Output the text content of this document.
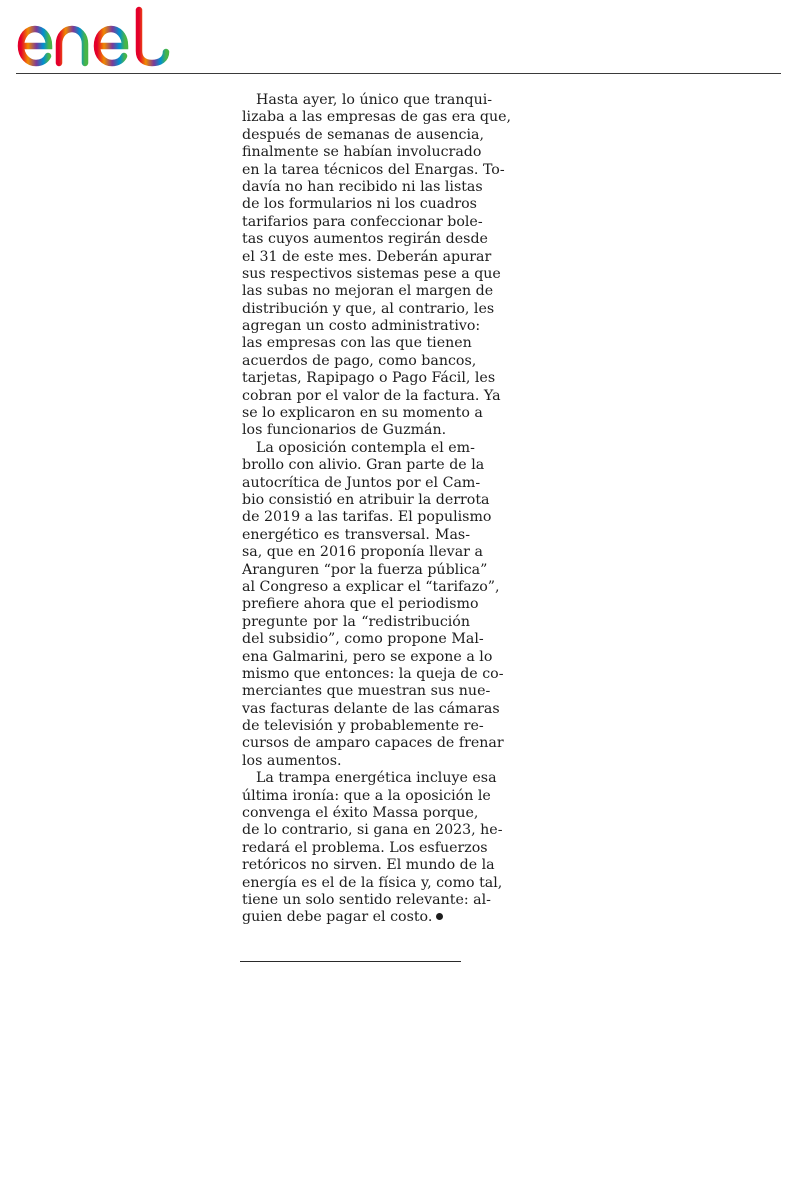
Hasta ayer, lo único que tranqui-
lizaba a las empresas de gas era que,
después de semanas de ausencia,
finalmente se habían involucrado
en la tarea técnicos del Enargas. To-
davía no han recibido ni las listas
de los formularios ni los cuadros
tarifarios para confeccionar bole-
tas cuyos aumentos regirán desde
el 31 de este mes. Deberán apurar
sus respectivos sistemas pese a que
las subas no mejoran el margen de
distribución y que, al contrario, les
agregan un costo administrativo:
las empresas con las que tienen
acuerdos de pago, como bancos,
tarjetas, Rapipago o Pago Fácil, les
cobran por el valor de la factura. Ya
se lo explicaron en su momento a
los funcionarios de Guzmán.
La oposición contempla el em-
brollo con alivio. Gran parte de la
autocrítica de Juntos por el Cam-
bio consistió en atribuir la derrota
de 2019 a las tarifas. El populismo
energético es transversal. Mas-
sa, que en 2016 proponía llevar a
Aranguren “por la fuerza pública”
al Congreso a explicar el “tarifazo”,
prefiere ahora que el periodismo
pregunte por la “redistribución
del subsidio”, como propone Mal-
ena Galmarini, pero se expone a lo
mismo que entonces: la queja de co-
merciantes que muestran sus nue-
vas facturas delante de las cámaras
de televisión y probablemente re-
cursos de amparo capaces de frenar
los aumentos.
La trampa energética incluye esa
última ironía: que a la oposición le
convenga el éxito Massa porque,
de lo contrario, si gana en 2023, he-
redará el problema. Los esfuerzos
retóricos no sirven. El mundo de la
energía es el de la física y, como tal,
tiene un solo sentido relevante: al-
guien debe pagar el costo.
